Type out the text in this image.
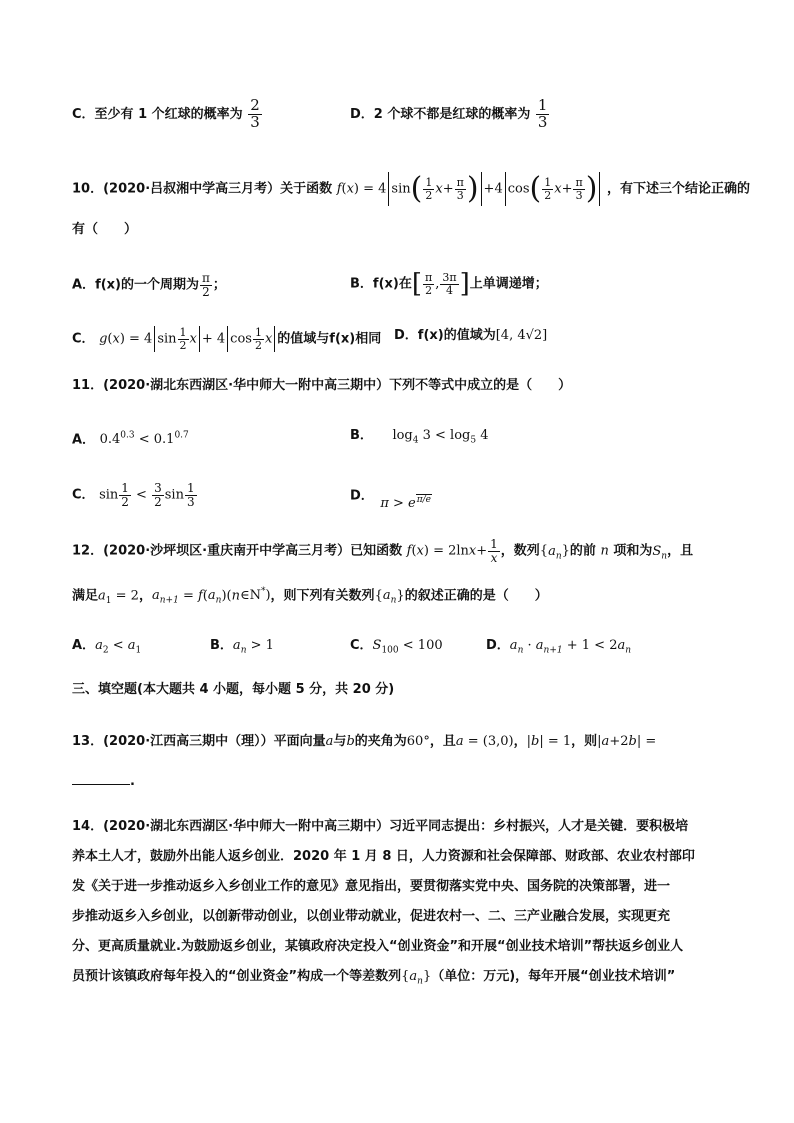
C．至少有 1 个红球的概率为 $\frac{2}{3}$	D．2 个球不都是红球的概率为 $\frac{1}{3}$
10．(2020·吕叔湘中学高三月考）关于函数 f(x) = 4 $\sin( \frac{1}{2} x+ \frac{\pi}{3}$ ) +4 $\cos( \frac{1}{2} x+ \frac{\pi}{3}$ ) ，有下述三个结论正确的
有（　　）
A．f(x)的一个周期为 $\frac{\pi}{2}$ ；	B．f(x)在[ $\frac{\pi}{2}$ , $\frac{3\pi}{4}$ ]上单调递增；
C． g(x) = 4 $\sin \frac{1}{2}$ x + 4 $\cos \frac{1}{2}$ x 的值域与f(x)相同 D．f(x)的值域为[4, 4√2]
11．(2020·湖北东西湖区·华中师大一附中高三期中）下列不等式中成立的是（　　）
A． $0.4^{0.3} < 0.1^{0.7}$	B．　　 $\log_4 3 < \log_5 4$
C． $\sin \frac{1}{2} < \frac{3}{2}$ $\sin \frac{1}{3}$	D．　$\pi > e^{\pi/e}$
12．(2020·沙坪坝区·重庆南开中学高三月考）已知函数 $f(x) = 2\ln x+ \frac{1}{x}$ ，数列$\{a_n\}$的前 n 项和为$S_n$，且
满足$a_1 = 2$，$a_{n+1}$ = $f(a_n)(n\in N^*)$，则下列有关数列$\{a_n\}$的叙述正确的是（　　）
A．$a_2 < a_1$	B．$a_n > 1$	C．$S_{100} < 100$	D．$a_n \cdot a_{n+1} + 1 < 2a_n$
三、填空题(本大题共 4 小题，每小题 5 分，共 20 分)
13．(2020·江西高三期中（理））平面向量a与b的夹角为60°，且a = (3,0)，|b| = 1，则|a+2b| =
.
14．(2020·湖北东西湖区·华中师大一附中高三期中）习近平同志提出：乡村振兴，人才是关键．要积极培
养本土人才，鼓励外出能人返乡创业．2020 年 1 月 8 日，人力资源和社会保障部、财政部、农业农村部印
发《关于进一步推动返乡入乡创业工作的意见》意见指出，要贯彻落实党中央、国务院的决策部署，进一
步推动返乡入乡创业，以创新带动创业，以创业带动就业，促进农村一、二、三产业融合发展，实现更充
分、更高质量就业.为鼓励返乡创业，某镇政府决定投入“创业资金”和开展“创业技术培训”帮扶返乡创业人
员预计该镇政府每年投入的“创业资金”构成一个等差数列$\{a_n\}$（单位：万元)，每年开展“创业技术培训”
